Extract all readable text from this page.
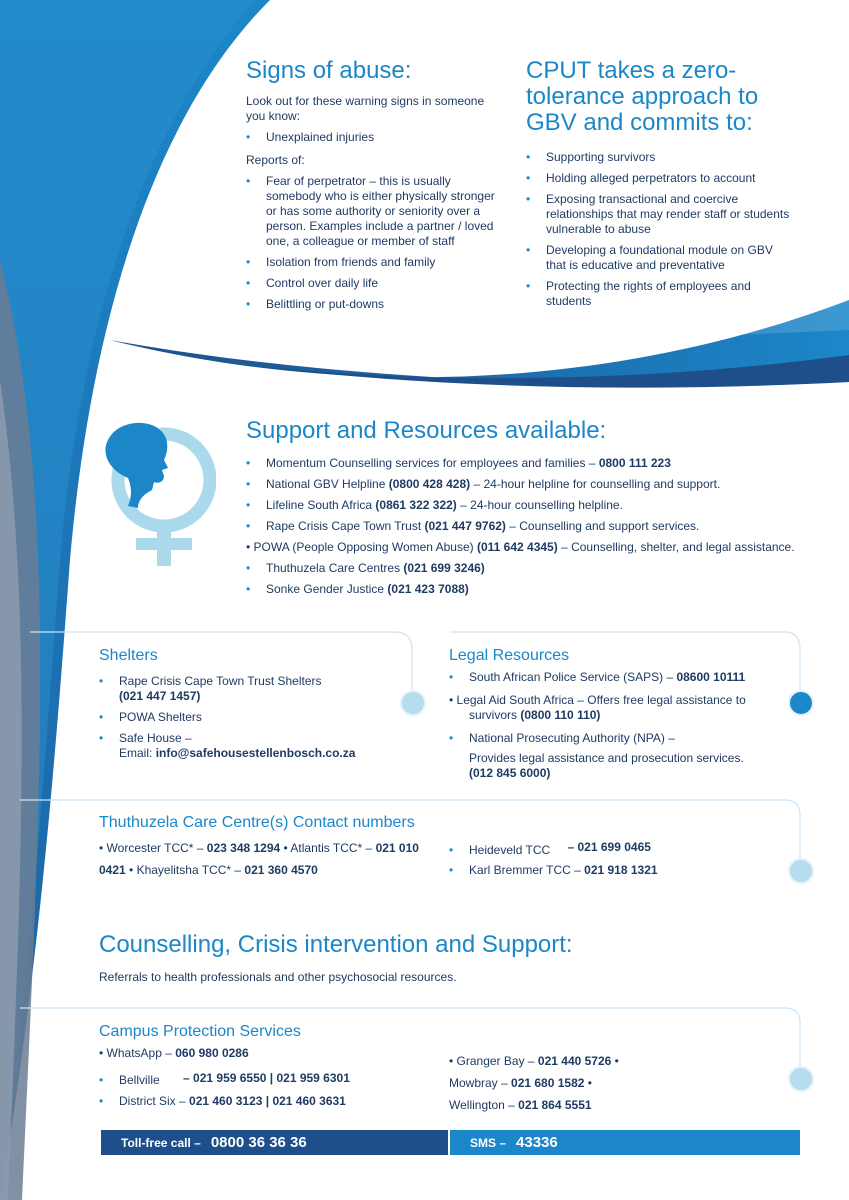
Signs of abuse:

Look out for these warning signs in someone you know:

• Unexplained injuries

Reports of:

• Fear of perpetrator – this is usually somebody who is either physically stronger or has some authority or seniority over a person. Examples include a partner / loved one, a colleague or member of staff
• Isolation from friends and family
• Control over daily life
• Belittling or put-downs
CPUT takes a zero-
tolerance approach to
GBV and commits to:
• Supporting survivors
• Holding alleged perpetrators to account
• Exposing transactional and coercive relationships that may render staff or students vulnerable to abuse
• Developing a foundational module on GBV that is educative and preventative
• Protecting the rights of employees and students
Support and Resources available:
• Momentum Counselling services for employees and families – 0800 111 223
• National GBV Helpline (0800 428 428) – 24-hour helpline for counselling and support.
• Lifeline South Africa (0861 322 322) – 24-hour counselling helpline.
• Rape Crisis Cape Town Trust (021 447 9762) – Counselling and support services.
• POWA (People Opposing Women Abuse) (011 642 4345) – Counselling, shelter, and legal assistance.
• Thuthuzela Care Centres (021 699 3246)
• Sonke Gender Justice (021 423 7088)
Shelters
• Rape Crisis Cape Town Trust Shelters
(021 447 1457)
• POWA Shelters
• Safe House –
Email: info@safehousestellenbosch.co.za
Legal Resources
• South African Police Service (SAPS) – 08600 10111
• Legal Aid South Africa – Offers free legal assistance to
survivors (0800 110 110)
• National Prosecuting Authority (NPA) –

Provides legal assistance and prosecution services.
(012 845 6000)
Thuthuzela Care Centre(s) Contact numbers
• Worcester TCC* – 023 348 1294 • Atlantis TCC* – 021 010
0421 • Khayelitsha TCC* – 021 360 4570
• Heideveld TCC – 021 699 0465
• Karl Bremmer TCC – 021 918 1321
Counselling, Crisis intervention and Support:

Referrals to health professionals and other psychosocial resources.

Campus Protection Services
• WhatsApp – 060 980 0286
• Bellville – 021 959 6550 | 021 959 6301
• District Six – 021 460 3123 | 021 460 3631
• Granger Bay – 021 440 5726 • Mowbray – 021 680 1582 • Wellington – 021 864 5551
Toll-free call – 0800 36 36 36	SMS – 43336
